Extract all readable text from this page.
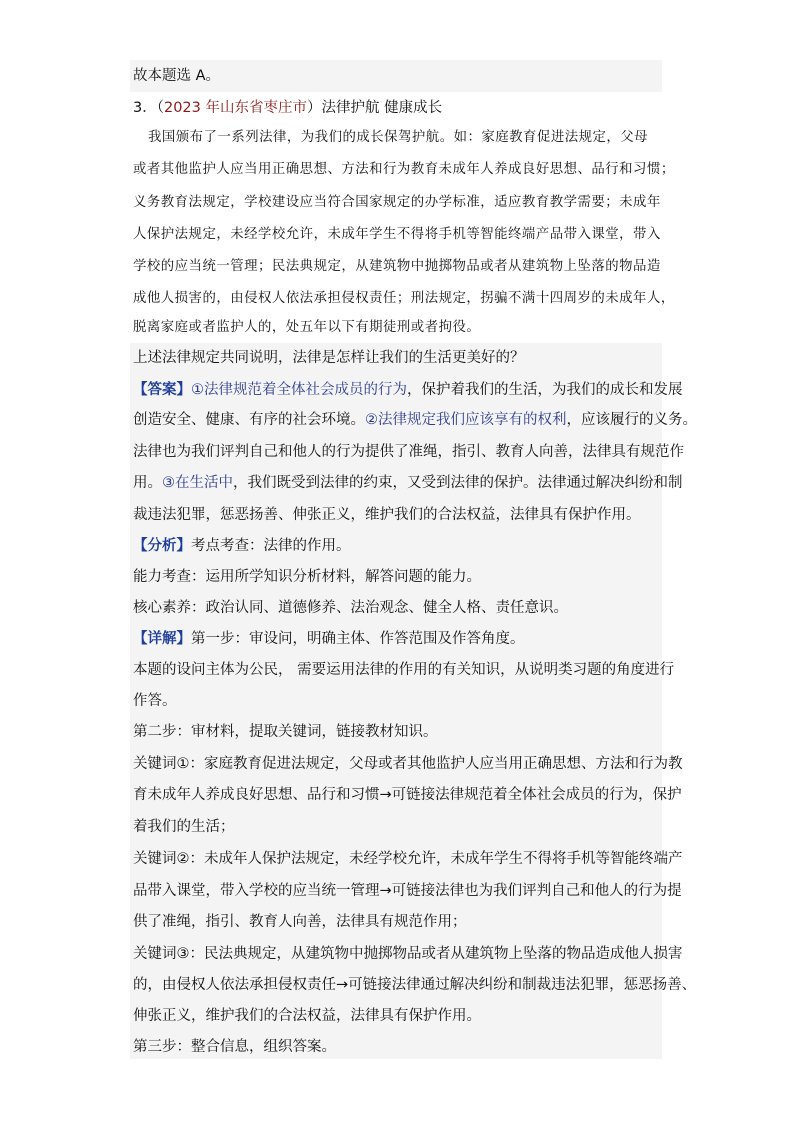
故本题选 A。
3．（2023 年山东省枣庄市）法律护航 健康成长
我国颁布了一系列法律，为我们的成长保驾护航。如：家庭教育促进法规定，父母
或者其他监护人应当用正确思想、方法和行为教育未成年人养成良好思想、品行和习惯；
义务教育法规定，学校建设应当符合国家规定的办学标准，适应教育教学需要；未成年
人保护法规定，未经学校允许，未成年学生不得将手机等智能终端产品带入课堂，带入
学校的应当统一管理；民法典规定，从建筑物中抛掷物品或者从建筑物上坠落的物品造
成他人损害的，由侵权人依法承担侵权责任；刑法规定，拐骗不满十四周岁的未成年人，
脱离家庭或者监护人的，处五年以下有期徒刑或者拘役。
上述法律规定共同说明，法律是怎样让我们的生活更美好的？
【答案】①法律规范着全体社会成员的行为，保护着我们的生活，为我们的成长和发展
创造安全、健康、有序的社会环境。②法律规定我们应该享有的权利，应该履行的义务。
法律也为我们评判自己和他人的行为提供了准绳，指引、教育人向善，法律具有规范作
用。③在生活中，我们既受到法律的约束，又受到法律的保护。法律通过解决纠纷和制
裁违法犯罪，惩恶扬善、伸张正义，维护我们的合法权益，法律具有保护作用。
【分析】考点考查：法律的作用。
能力考查：运用所学知识分析材料，解答问题的能力。
核心素养：政治认同、道德修养、法治观念、健全人格、责任意识。
【详解】第一步：审设问，明确主体、作答范围及作答角度。
本题的设问主体为公民， 需要运用法律的作用的有关知识，从说明类习题的角度进行
作答。
第二步：审材料，提取关键词，链接教材知识。
关键词①：家庭教育促进法规定，父母或者其他监护人应当用正确思想、方法和行为教
育未成年人养成良好思想、品行和习惯→可链接法律规范着全体社会成员的行为，保护
着我们的生活；
关键词②：未成年人保护法规定，未经学校允许，未成年学生不得将手机等智能终端产
品带入课堂，带入学校的应当统一管理→可链接法律也为我们评判自己和他人的行为提
供了准绳，指引、教育人向善，法律具有规范作用；
关键词③：民法典规定，从建筑物中抛掷物品或者从建筑物上坠落的物品造成他人损害
的，由侵权人依法承担侵权责任→可链接法律通过解决纠纷和制裁违法犯罪，惩恶扬善、
伸张正义，维护我们的合法权益，法律具有保护作用。
第三步：整合信息，组织答案。
